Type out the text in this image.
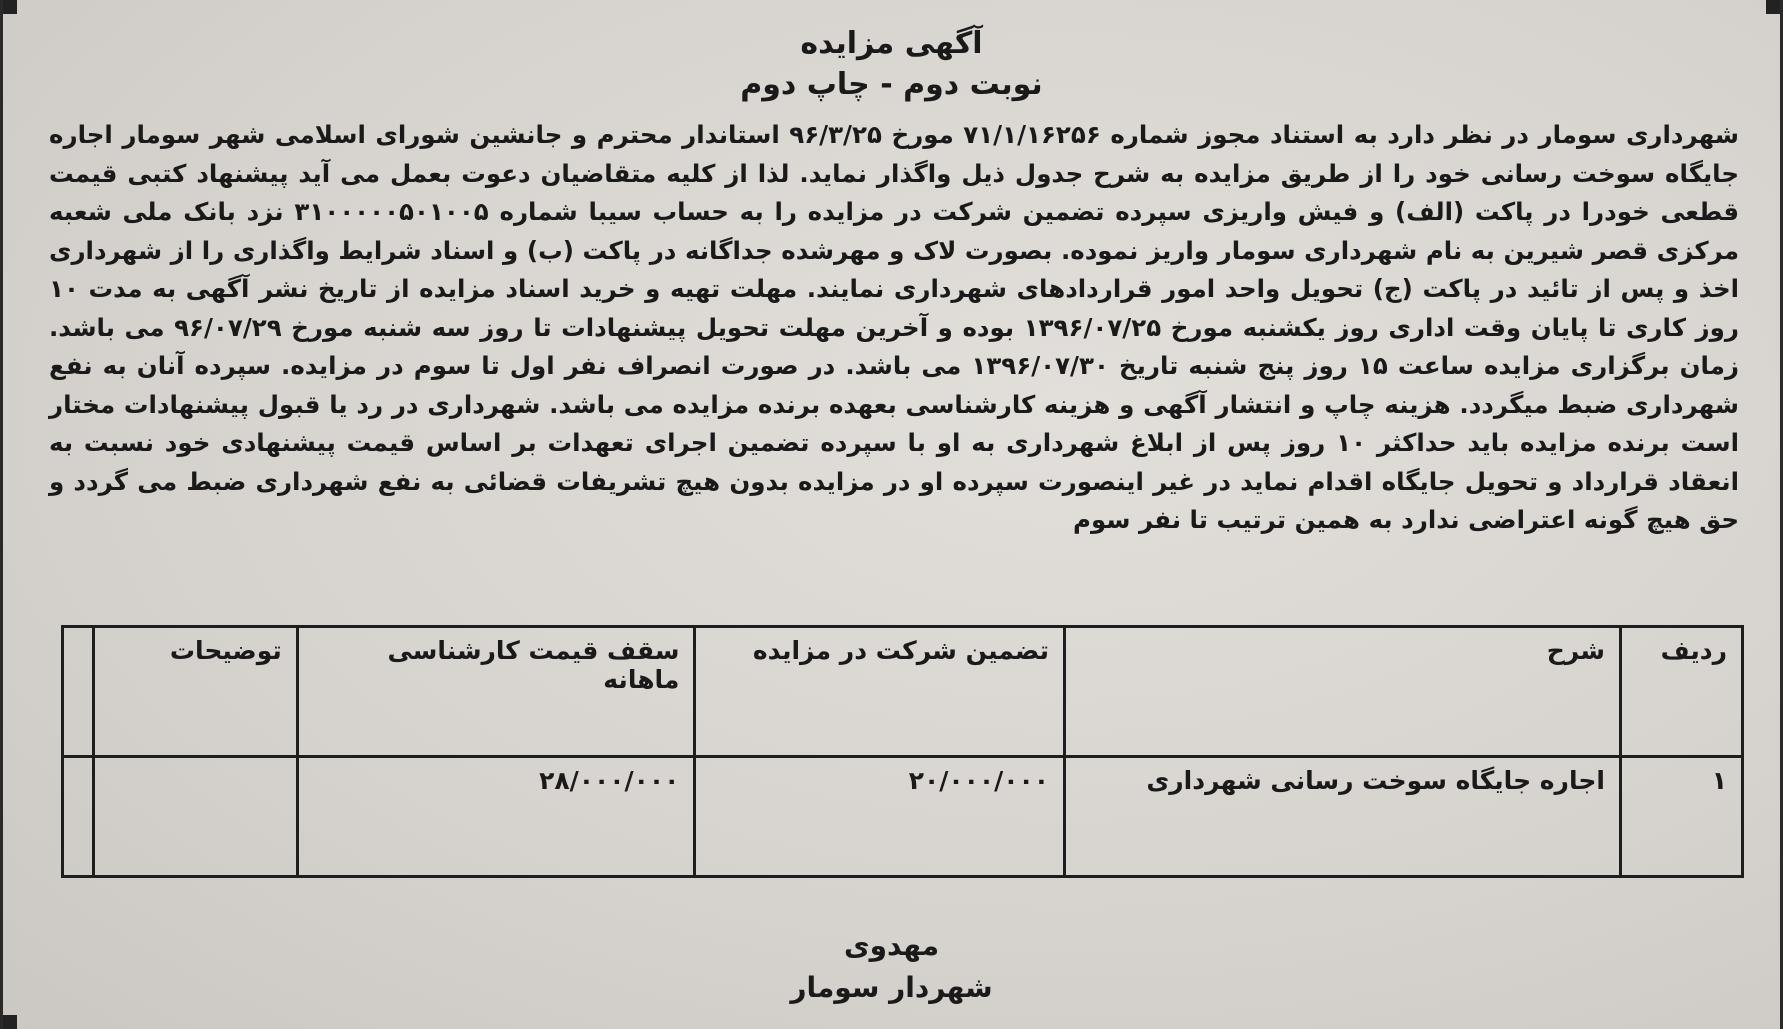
آگهی مزایده
نوبت دوم - چاپ دوم
شهرداری سومار در نظر دارد به استناد مجوز شماره ۷۱/۱/۱۶۲۵۶ مورخ ۹۶/۳/۲۵ استاندار محترم و جانشین شورای اسلامی شهر سومار اجاره جایگاه سوخت رسانی خود را از طریق مزایده به شرح جدول ذیل واگذار نماید. لذا از کلیه متقاضیان دعوت بعمل می آید پیشنهاد کتبی قیمت قطعی خودرا در پاکت (الف) و فیش واریزی سپرده تضمین شرکت در مزایده را به حساب سیبا شماره ۳۱۰۰۰۰۰۵۰۱۰۰۵ نزد بانک ملی شعبه مرکزی قصر شیرین به نام شهرداری سومار واریز نموده. بصورت لاک و مهرشده جداگانه در پاکت (ب) و اسناد شرایط واگذاری را از شهرداری اخذ و پس از تائید در پاکت (ج) تحویل واحد امور قراردادهای شهرداری نمایند. مهلت تهیه و خرید اسناد مزایده از تاریخ نشر آگهی به مدت ۱۰ روز کاری تا پایان وقت اداری روز یکشنبه مورخ ۱۳۹۶/۰۷/۲۵ بوده و آخرین مهلت تحویل پیشنهادات تا روز سه شنبه مورخ ۹۶/۰۷/۲۹ می باشد. زمان برگزاری مزایده ساعت ۱۵ روز پنج شنبه تاریخ ۱۳۹۶/۰۷/۳۰ می باشد. در صورت انصراف نفر اول تا سوم در مزایده. سپرده آنان به نفع شهرداری ضبط میگردد. هزینه چاپ و انتشار آگهی و هزینه کارشناسی بعهده برنده مزایده می باشد. شهرداری در رد یا قبول پیشنهادات مختار است برنده مزایده باید حداکثر ۱۰ روز پس از ابلاغ شهرداری به او با سپرده تضمین اجرای تعهدات بر اساس قیمت پیشنهادی خود نسبت به انعقاد قرارداد و تحویل جایگاه اقدام نماید در غیر اینصورت سپرده او در مزایده بدون هیچ تشریفات قضائی به نفع شهرداری ضبط می گردد و حق هیچ گونه اعتراضی ندارد به همین ترتیب تا نفر سوم
ردیف	شرح	تضمین شرکت در مزایده	سقف قیمت کارشناسی ماهانه	توضیحات	
۱	اجاره جایگاه سوخت رسانی شهرداری	۲۰/۰۰۰/۰۰۰	۲۸/۰۰۰/۰۰۰		
مهدوی
شهردار سومار
